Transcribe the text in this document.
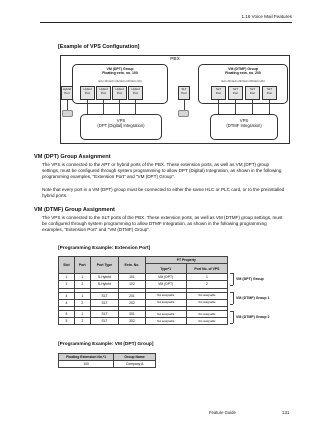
1.16 Voice Mail Features
[Example of VPS Configuration]
PBX
VM (DPT) Group
Floating extn. no. 100
Extn 101 Extn 102 Extn 103 Extn 104
Hybrid
Port
Hybrid
Port
Hybrid
Port
Hybrid
Port
Hybrid
Port
VM (DTMF) Group
Floating extn. no. 200
Extn 201 Extn 202 Extn 203 Extn 204
SLT
Port
SLT
Port
SLT
Port
SLT
Port
SLT
Port
VPS
(DPT [Digital] Integration)
VPS
(DTMF Integration)
VM (DPT) Group Assignment
The VPS is connected to the APT or hybrid ports of the PBX. These extension ports, as well as VM (DPT) group settings, must be configured through system programming to allow DPT (Digital) Integration, as shown in the following programming examples, "Extension Port" and "VM (DPT) Group".
Note that every port in a VM (DPT) group must be connected to either the same HLC or PLC card, or to the preinstalled hybrid ports.
VM (DTMF) Group Assignment
The VPS is connected to the SLT ports of the PBX. These extension ports, as well as VM (DTMF) group settings, must be configured through system programming to allow DTMF Integration, as shown in the following programming examples, "Extension Port" and "VM (DTMF) Group".
[Programming Example: Extension Port]
Slot	Port	Port Type	Extn. No.	PT Property	
				Type*1	Port No. of VPS
1	1	S-Hybrid	101	VM (DPT)	1
1	2	S-Hybrid	102	VM (DPT)	2

4	1	SLT	201	Not assignable	Not assignable
4	2	SLT	202	Not assignable	Not assignable

5	1	SLT	301	Not assignable	Not assignable
5	2	SLT	302	Not assignable	Not assignable
VM (DPT) Group
VM (DTMF) Group 1
VM (DTMF) Group 2
[Programming Example: VM (DPT) Group]
Floating Extension No.*1	Group Name
100	Company A
Feature Guide	131
